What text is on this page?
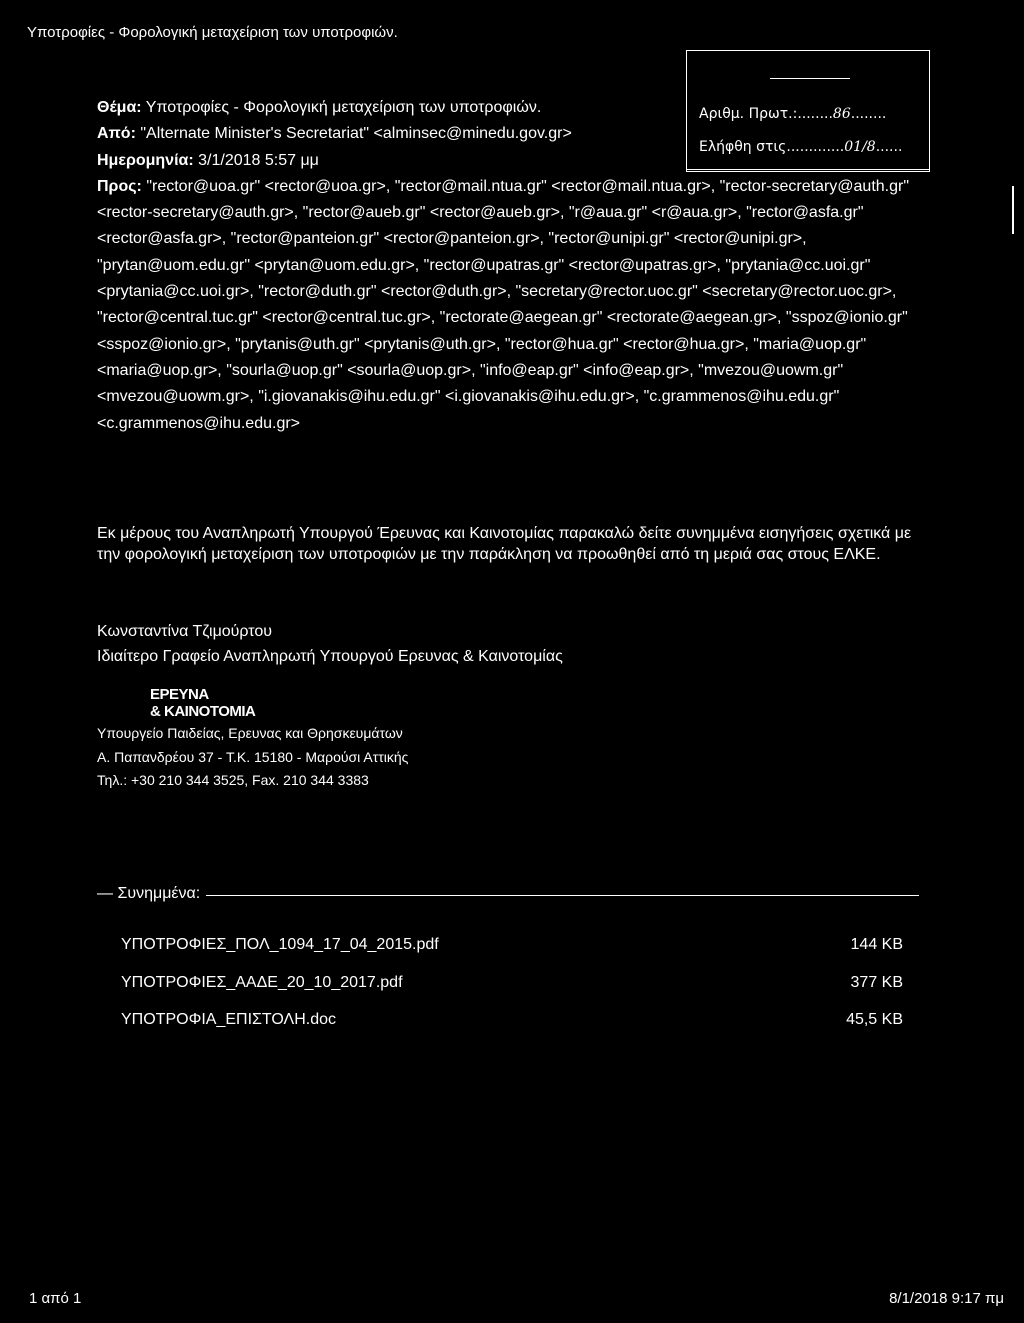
Υποτροφίες - Φορολογική μεταχείριση των υποτροφιών.
Αριθμ. Πρωτ.:........86........
Ελήφθη στις.............01/8......
Θέμα: Υποτροφίες - Φορολογική μεταχείριση των υποτροφιών.
Από: "Alternate Minister's Secretariat" <alminsec@minedu.gov.gr>
Ημερομηνία: 3/1/2018 5:57 μμ
Προς: "rector@uoa.gr" <rector@uoa.gr>, "rector@mail.ntua.gr" <rector@mail.ntua.gr>, "rector-secretary@auth.gr" <rector-secretary@auth.gr>, "rector@aueb.gr" <rector@aueb.gr>, "r@aua.gr" <r@aua.gr>, "rector@asfa.gr" <rector@asfa.gr>, "rector@panteion.gr" <rector@panteion.gr>, "rector@unipi.gr" <rector@unipi.gr>, "prytan@uom.edu.gr" <prytan@uom.edu.gr>, "rector@upatras.gr" <rector@upatras.gr>, "prytania@cc.uoi.gr" <prytania@cc.uoi.gr>, "rector@duth.gr" <rector@duth.gr>, "secretary@rector.uoc.gr" <secretary@rector.uoc.gr>, "rector@central.tuc.gr" <rector@central.tuc.gr>, "rectorate@aegean.gr" <rectorate@aegean.gr>, "sspoz@ionio.gr" <sspoz@ionio.gr>, "prytanis@uth.gr" <prytanis@uth.gr>, "rector@hua.gr" <rector@hua.gr>, "maria@uop.gr" <maria@uop.gr>, "sourla@uop.gr" <sourla@uop.gr>, "info@eap.gr" <info@eap.gr>, "mvezou@uowm.gr" <mvezou@uowm.gr>, "i.giovanakis@ihu.edu.gr" <i.giovanakis@ihu.edu.gr>, "c.grammenos@ihu.edu.gr" <c.grammenos@ihu.edu.gr>
Εκ μέρους του Αναπληρωτή Υπουργού Έρευνας και Καινοτομίας παρακαλώ δείτε συνημμένα εισηγήσεις σχετικά με την φορολογική μεταχείριση των υποτροφιών με την παράκληση να προωθηθεί από τη μεριά σας στους ΕΛΚΕ.
Κωνσταντίνα Τζιμούρτου
Ιδιαίτερο Γραφείο Αναπληρωτή Υπουργού Ερευνας & Καινοτομίας
ΕΡΕΥΝΑ
& ΚΑΙΝΟΤΟΜΙΑ
Υπουργείο Παιδείας, Ερευνας και Θρησκευμάτων
Α. Παπανδρέου 37 - Τ.Κ. 15180 - Μαρούσι Αττικής
Τηλ.: +30 210 344 3525, Fax. 210 344 3383
— Συνημμένα:
ΥΠΟΤΡΟΦΙΕΣ_ΠΟΛ_1094_17_04_2015.pdf	144 KB
ΥΠΟΤΡΟΦΙΕΣ_ΑΑΔΕ_20_10_2017.pdf	377 KB
ΥΠΟΤΡΟΦΙΑ_ΕΠΙΣΤΟΛΗ.doc	45,5 KB
1 από 1	8/1/2018 9:17 πμ
